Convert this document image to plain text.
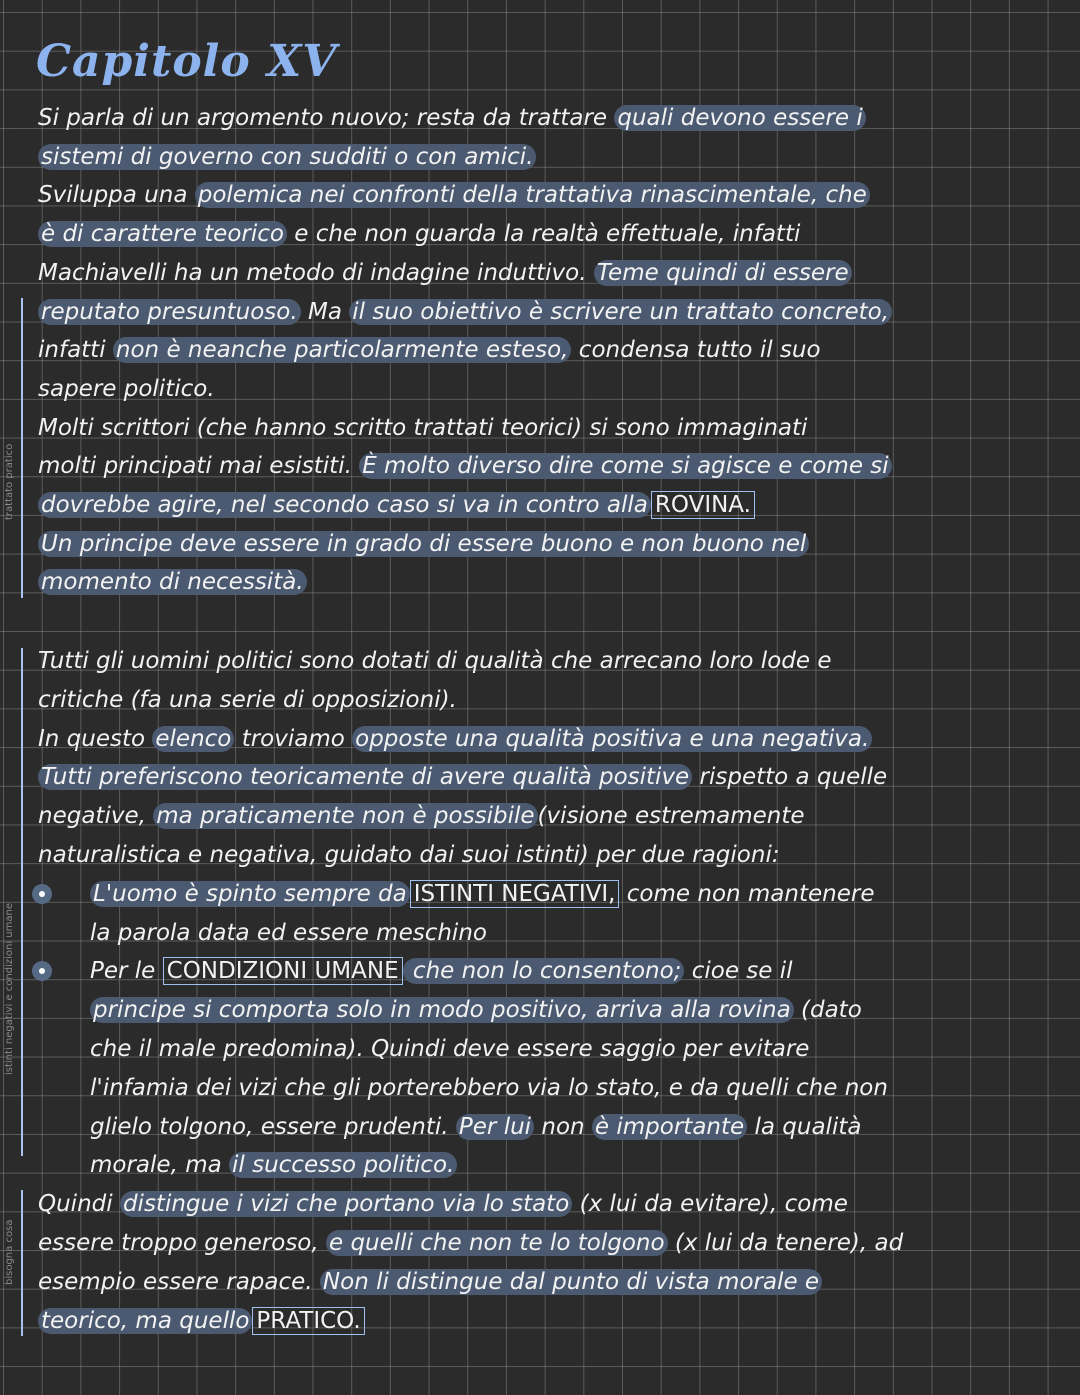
Capitolo XV
trattato pratico
istinti negativi e condizioni umane
bisogna cosa
Si parla di un argomento nuovo; resta da trattare quali devono essere i
sistemi di governo con sudditi o con amici.
Sviluppa una polemica nei confronti della trattativa rinascimentale, che
è di carattere teorico e che non guarda la realtà effettuale, infatti
Machiavelli ha un metodo di indagine induttivo. Teme quindi di essere
reputato presuntuoso. Ma il suo obiettivo è scrivere un trattato concreto,
infatti non è neanche particolarmente esteso, condensa tutto il suo
sapere politico.
Molti scrittori (che hanno scritto trattati teorici) si sono immaginati
molti principati mai esistiti. È molto diverso dire come si agisce e come si
dovrebbe agire, nel secondo caso si va in contro alla ROVINA.
Un principe deve essere in grado di essere buono e non buono nel
momento di necessità.
Tutti gli uomini politici sono dotati di qualità che arrecano loro lode e
critiche (fa una serie di opposizioni).
In questo elenco troviamo opposte una qualità positiva e una negativa.
Tutti preferiscono teoricamente di avere qualità positive rispetto a quelle
negative, ma praticamente non è possibile (visione estremamente
naturalistica e negativa, guidato dai suoi istinti) per due ragioni:
L'uomo è spinto sempre da ISTINTI NEGATIVI, come non mantenere
la parola data ed essere meschino
Per le CONDIZIONI UMANE che non lo consentono; cioe se il
principe si comporta solo in modo positivo, arriva alla rovina (dato
che il male predomina). Quindi deve essere saggio per evitare
l'infamia dei vizi che gli porterebbero via lo stato, e da quelli che non
glielo tolgono, essere prudenti. Per lui non è importante la qualità
morale, ma il successo politico.
Quindi distingue i vizi che portano via lo stato (x lui da evitare), come
essere troppo generoso, e quelli che non te lo tolgono (x lui da tenere), ad
esempio essere rapace. Non li distingue dal punto di vista morale e
teorico, ma quello PRATICO.
